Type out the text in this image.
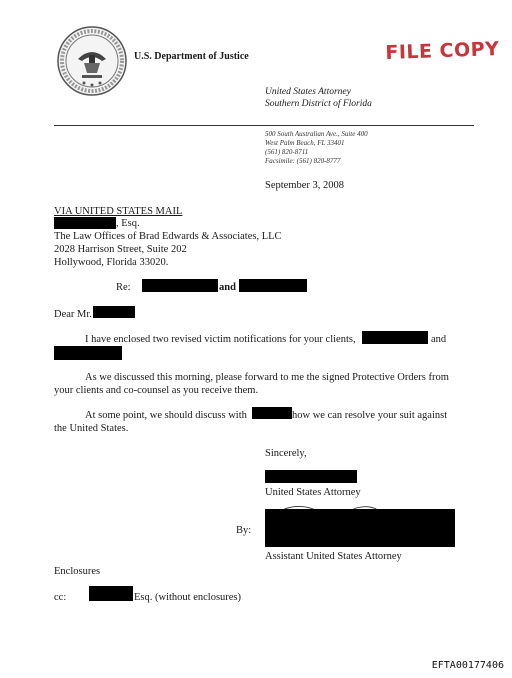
U.S. Department of Justice	FILE COPY
United States Attorney
Southern District of Florida
500 South Australian Ave., Suite 400
West Palm Beach, FL 33401
(561) 820-8711
Facsimile: (561) 820-8777
September 3, 2008
VIA UNITED STATES MAIL
, Esq.
The Law Offices of Brad Edwards & Associates, LLC
2028 Harrison Street, Suite 202
Hollywood, Florida 33020.
Re:	and
Dear Mr.
I have enclosed two revised victim notifications for your clients,	and
As we discussed this morning, please forward to me the signed Protective Orders from
your clients and co-counsel as you receive them.
At some point, we should discuss with	how we can resolve your suit against
the United States.
Sincerely,
United States Attorney
By:
Assistant United States Attorney
Enclosures
cc:	Esq. (without enclosures)
EFTA00177406
